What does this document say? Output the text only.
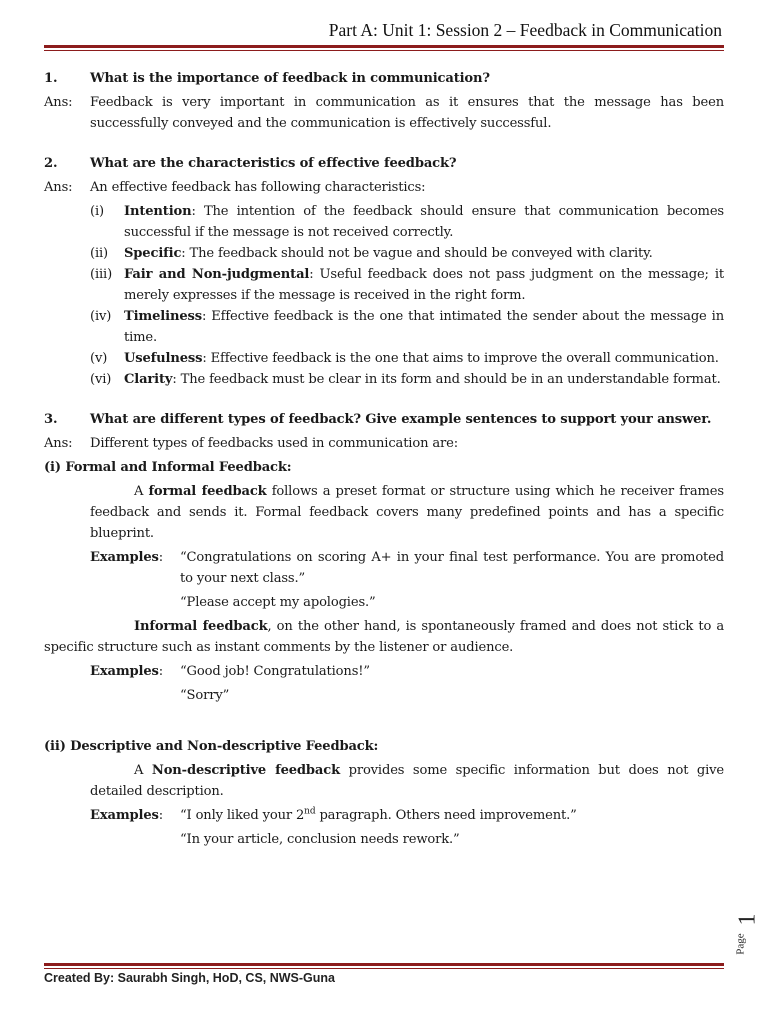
Part A: Unit 1: Session 2 – Feedback in Communication
1.	What is the importance of feedback in communication?
Ans:	Feedback is very important in communication as it ensures that the message has been successfully conveyed and the communication is effectively successful.
2.	What are the characteristics of effective feedback?
Ans:	An effective feedback has following characteristics:
(i)	Intention: The intention of the feedback should ensure that communication becomes successful if the message is not received correctly.
(ii)	Specific: The feedback should not be vague and should be conveyed with clarity.
(iii) Fair and Non-judgmental: Useful feedback does not pass judgment on the message; it merely expresses if the message is received in the right form.
(iv) Timeliness: Effective feedback is the one that intimated the sender about the message in time.
(v)	Usefulness: Effective feedback is the one that aims to improve the overall communication.
(vi) Clarity: The feedback must be clear in its form and should be in an understandable format.
3.	What are different types of feedback? Give example sentences to support your answer.
Ans:	Different types of feedbacks used in communication are:
(i) Formal and Informal Feedback:
A formal feedback follows a preset format or structure using which he receiver frames feedback and sends it. Formal feedback covers many predefined points and has a specific blueprint.
Examples:	“Congratulations on scoring A+ in your final test performance. You are promoted to your next class.”
“Please accept my apologies.”
Informal feedback, on the other hand, is spontaneously framed and does not stick to a specific structure such as instant comments by the listener or audience.
Examples:	“Good job! Congratulations!”
“Sorry”
(ii) Descriptive and Non-descriptive Feedback:
A Non-descriptive feedback provides some specific information but does not give detailed description.
Examples:	“I only liked your 2nd paragraph. Others need improvement.”
“In your article, conclusion needs rework.”
Page
1
Created By: Saurabh Singh, HoD, CS, NWS-Guna
